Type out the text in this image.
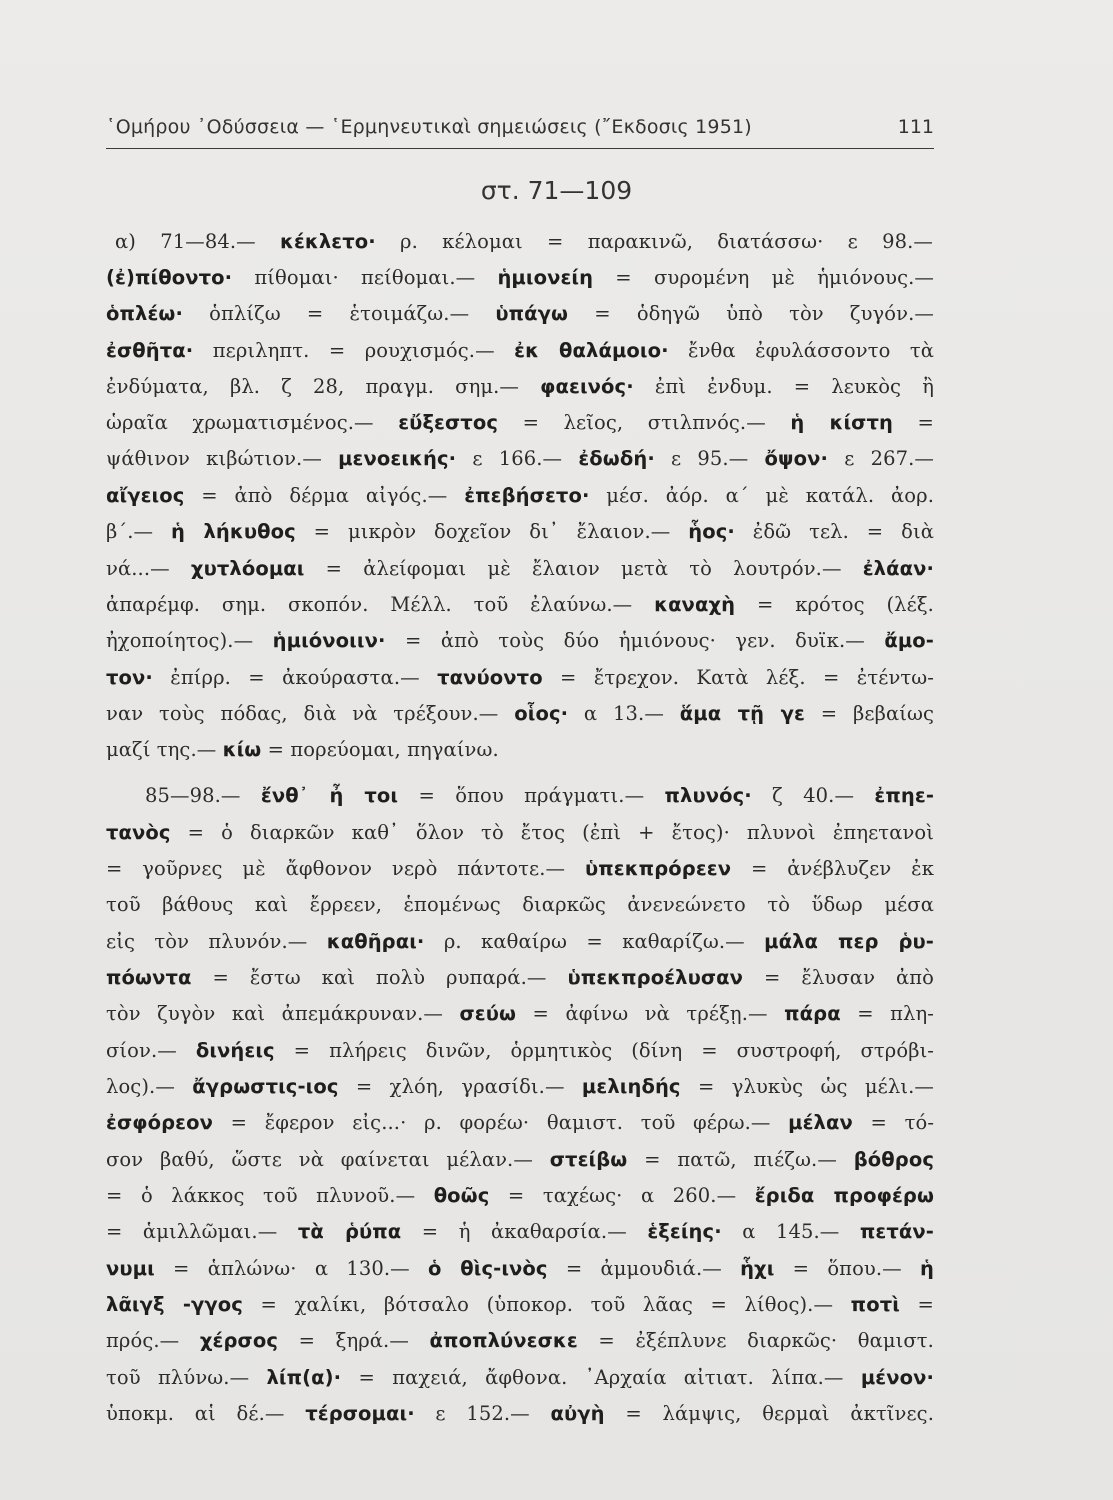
῾Ομήρου ᾿Οδύσσεια — ῾Ερμηνευτικαὶ σημειώσεις (῎Εκδοσις 1951)	111
στ. 71—109
α) 71—84.— κέκλετο· ρ. κέλομαι = παρακινῶ, διατάσσω· ε 98.—
(ἐ)πίθοντο· πίθομαι· πείθομαι.— ἡμιονείη = συρομένη μὲ ἡμιόνους.—
ὁπλέω· ὁπλίζω = ἑτοιμάζω.— ὑπάγω = ὁδηγῶ ὑπὸ τὸν ζυγόν.—
ἐσθῆτα· περιληπτ. = ρουχισμός.— ἐκ θαλάμοιο· ἔνθα ἐφυλάσσοντο τὰ
ἐνδύματα, βλ. ζ 28, πραγμ. σημ.— φαεινός· ἐπὶ ἐνδυμ. = λευκὸς ἢ
ὡραῖα χρωματισμένος.— εὔξεστος = λεῖος, στιλπνός.— ἡ κίστη =
ψάθινον κιβώτιον.— μενοεικής· ε 166.— ἐδωδή· ε 95.— ὄψον· ε 267.—
αἴγειος = ἀπὸ δέρμα αἰγός.— ἐπεβήσετο· μέσ. ἀόρ. α΄ μὲ κατάλ. ἀορ.
β΄.— ἡ λήκυθος = μικρὸν δοχεῖον δι᾿ ἔλαιον.— ἧος· ἐδῶ τελ. = διὰ
νά...— χυτλόομαι = ἀλείφομαι μὲ ἔλαιον μετὰ τὸ λουτρόν.— ἐλάαν·
ἀπαρέμφ. σημ. σκοπόν. Μέλλ. τοῦ ἐλαύνω.— καναχὴ = κρότος (λέξ.
ἠχοποίητος).— ἡμιόνοιιν· = ἀπὸ τοὺς δύο ἡμιόνους· γεν. δυϊκ.— ἄμο-
τον· ἐπίρρ. = ἀκούραστα.— τανύοντο = ἔτρεχον. Κατὰ λέξ. = ἐτέντω-
ναν τοὺς πόδας, διὰ νὰ τρέξουν.— οἷος· α 13.— ἅμα τῇ γε = βεβαίως
μαζί της.— κίω = πορεύομαι, πηγαίνω.
85—98.— ἔνθ᾿ ἦ τοι = ὅπου πράγματι.— πλυνός· ζ 40.— ἐπηε-
τανὸς = ὁ διαρκῶν καθ᾿ ὅλον τὸ ἔτος (ἐπὶ + ἔτος)· πλυνοὶ ἐπηετανοὶ
= γοῦρνες μὲ ἄφθονον νερὸ πάντοτε.— ὑπεκπρόρεεν = ἀνέβλυζεν ἐκ
τοῦ βάθους καὶ ἔρρεεν, ἑπομένως διαρκῶς ἀνενεώνετο τὸ ὕδωρ μέσα
εἰς τὸν πλυνόν.— καθῆραι· ρ. καθαίρω = καθαρίζω.— μάλα περ ῥυ-
πόωντα = ἔστω καὶ πολὺ ρυπαρά.— ὑπεκπροέλυσαν = ἔλυσαν ἀπὸ
τὸν ζυγὸν καὶ ἀπεμάκρυναν.— σεύω = ἀφίνω νὰ τρέξῃ.— πάρα = πλη-
σίον.— δινήεις = πλήρεις δινῶν, ὁρμητικὸς (δίνη = συστροφή, στρόβι-
λος).— ἄγρωστις-ιος = χλόη, γρασίδι.— μελιηδής = γλυκὺς ὡς μέλι.—
ἐσφόρεον = ἔφερον εἰς...· ρ. φορέω· θαμιστ. τοῦ φέρω.— μέλαν = τό-
σον βαθύ, ὥστε νὰ φαίνεται μέλαν.— στείβω = πατῶ, πιέζω.— βόθρος
= ὁ λάκκος τοῦ πλυνοῦ.— θοῶς = ταχέως· α 260.— ἔριδα προφέρω
= ἁμιλλῶμαι.— τὰ ῥύπα = ἡ ἀκαθαρσία.— ἑξείης· α 145.— πετάν-
νυμι = ἁπλώνω· α 130.— ὁ θὶς-ινὸς = ἀμμουδιά.— ἧχι = ὅπου.— ἡ
λᾶιγξ -γγος = χαλίκι, βότσαλο (ὑποκορ. τοῦ λᾶας = λίθος).— ποτὶ =
πρός.— χέρσος = ξηρά.— ἀποπλύνεσκε = ἐξέπλυνε διαρκῶς· θαμιστ.
τοῦ πλύνω.— λίπ(α)· = παχειά, ἄφθονα. ᾿Αρχαία αἰτιατ. λίπα.— μένον·
ὑποκμ. αἱ δέ.— τέρσομαι· ε 152.— αὐγὴ = λάμψις, θερμαὶ ἀκτῖνες.
